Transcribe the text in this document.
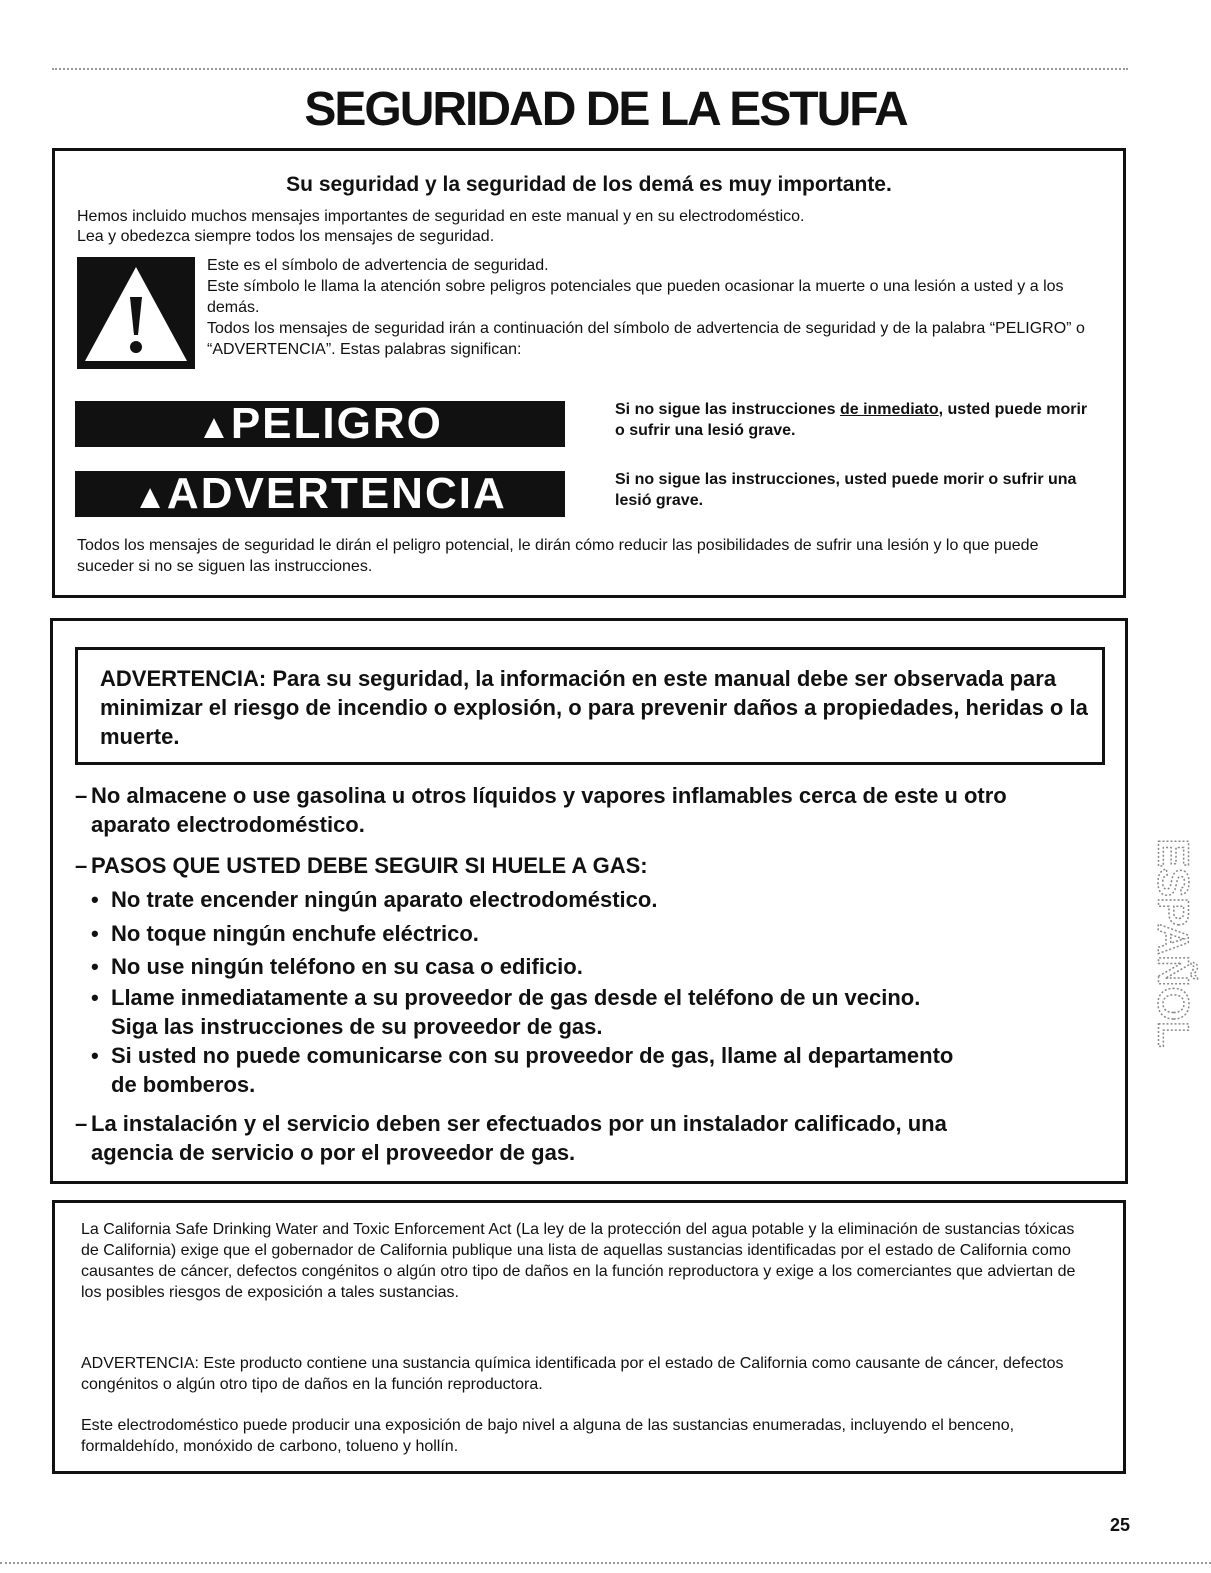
SEGURIDAD DE LA ESTUFA
Su seguridad y la seguridad de los demá es muy importante.
Hemos incluido muchos mensajes importantes de seguridad en este manual y en su electrodoméstico.
Lea y obedezca siempre todos los mensajes de seguridad.
Este es el símbolo de advertencia de seguridad.
Este símbolo le llama la atención sobre peligros potenciales que pueden ocasionar la muerte o una lesión a usted y a los demás.
Todos los mensajes de seguridad irán a continuación del símbolo de advertencia de seguridad y de la palabra “PELIGRO” o “ADVERTENCIA”. Estas palabras significan:
▲PELIGRO	Si no sigue las instrucciones de inmediato, usted puede morir o sufrir una lesió grave.
▲ADVERTENCIA	Si no sigue las instrucciones, usted puede morir o sufrir una lesió grave.
Todos los mensajes de seguridad le dirán el peligro potencial, le dirán cómo reducir las posibilidades de sufrir una lesión y lo que puede suceder si no se siguen las instrucciones.

ADVERTENCIA: Para su seguridad, la información en este manual debe ser observada para minimizar el riesgo de incendio o explosión, o para prevenir daños a propiedades, heridas o la muerte.

– No almacene o use gasolina u otros líquidos y vapores inflamables cerca de este u otro
aparato electrodoméstico.
– PASOS QUE USTED DEBE SEGUIR SI HUELE A GAS:
• No trate encender ningún aparato electrodoméstico.
• No toque ningún enchufe eléctrico.
• No use ningún teléfono en su casa o edificio.
• Llame inmediatamente a su proveedor de gas desde el teléfono de un vecino.
Siga las instrucciones de su proveedor de gas.
• Si usted no puede comunicarse con su proveedor de gas, llame al departamento
de bomberos.
– La instalación y el servicio deben ser efectuados por un instalador calificado, una
agencia de servicio o por el proveedor de gas.

La California Safe Drinking Water and Toxic Enforcement Act (La ley de la protección del agua potable y la eliminación de sustancias tóxicas de California) exige que el gobernador de California publique una lista de aquellas sustancias identificadas por el estado de California como causantes de cáncer, defectos congénitos o algún otro tipo de daños en la función reproductora y exige a los comerciantes que adviertan de los posibles riesgos de exposición a tales sustancias.

ADVERTENCIA: Este producto contiene una sustancia química identificada por el estado de California como causante de cáncer, defectos congénitos o algún otro tipo de daños en la función reproductora.

Este electrodoméstico puede producir una exposición de bajo nivel a alguna de las sustancias enumeradas, incluyendo el benceno, formaldehído, monóxido de carbono, tolueno y hollín.

ESPAÑOL
25
